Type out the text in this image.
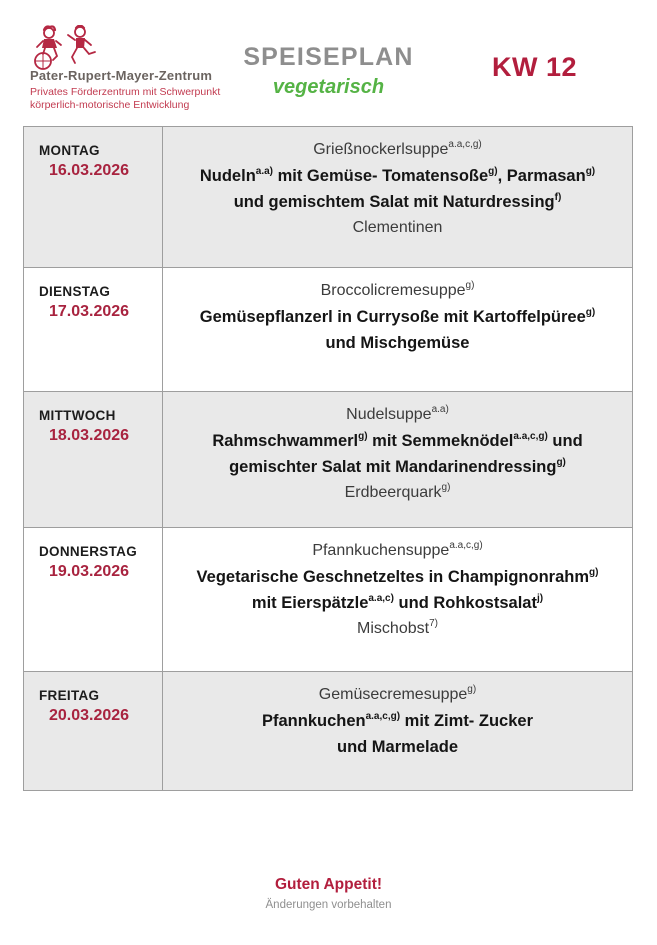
Pater-Rupert-Mayer-Zentrum
Privates Förderzentrum mit Schwerpunkt
körperlich-motorische Entwicklung
SPEISEPLAN
vegetarisch
KW 12
MONTAG
16.03.2026
Grießnockerlsuppe$^{a.a,c,g)}$
Nudeln$^{a.a)}$ mit Gemüse- Tomatensoße$^{g)}$, Parmasan$^{g)}$
und gemischtem Salat mit Naturdressing$^{f)}$
Clementinen
DIENSTAG
17.03.2026
Broccolicremesuppe$^{g)}$
Gemüsepflanzerl in Currysoße mit Kartoffelpüree$^{g)}$
und Mischgemüse
MITTWOCH
18.03.2026
Nudelsuppe$^{a.a)}$
Rahmschwammerl$^{g)}$ mit Semmeknödel$^{a.a,c,g)}$ und
gemischter Salat mit Mandarinendressing$^{g)}$
Erdbeerquark$^{g)}$
DONNERSTAG
19.03.2026
Pfannkuchensuppe$^{a.a,c,g)}$
Vegetarische Geschnetzeltes in Champignonrahm$^{g)}$
mit Eierspätzle$^{a.a,c)}$ und Rohkostsalat$^{j)}$
Mischobst$^{7)}$
FREITAG
20.03.2026
Gemüsecremesuppe$^{g)}$
Pfannkuchen$^{a.a,c,g)}$ mit Zimt- Zucker
und Marmelade
Guten Appetit!
Änderungen vorbehalten
